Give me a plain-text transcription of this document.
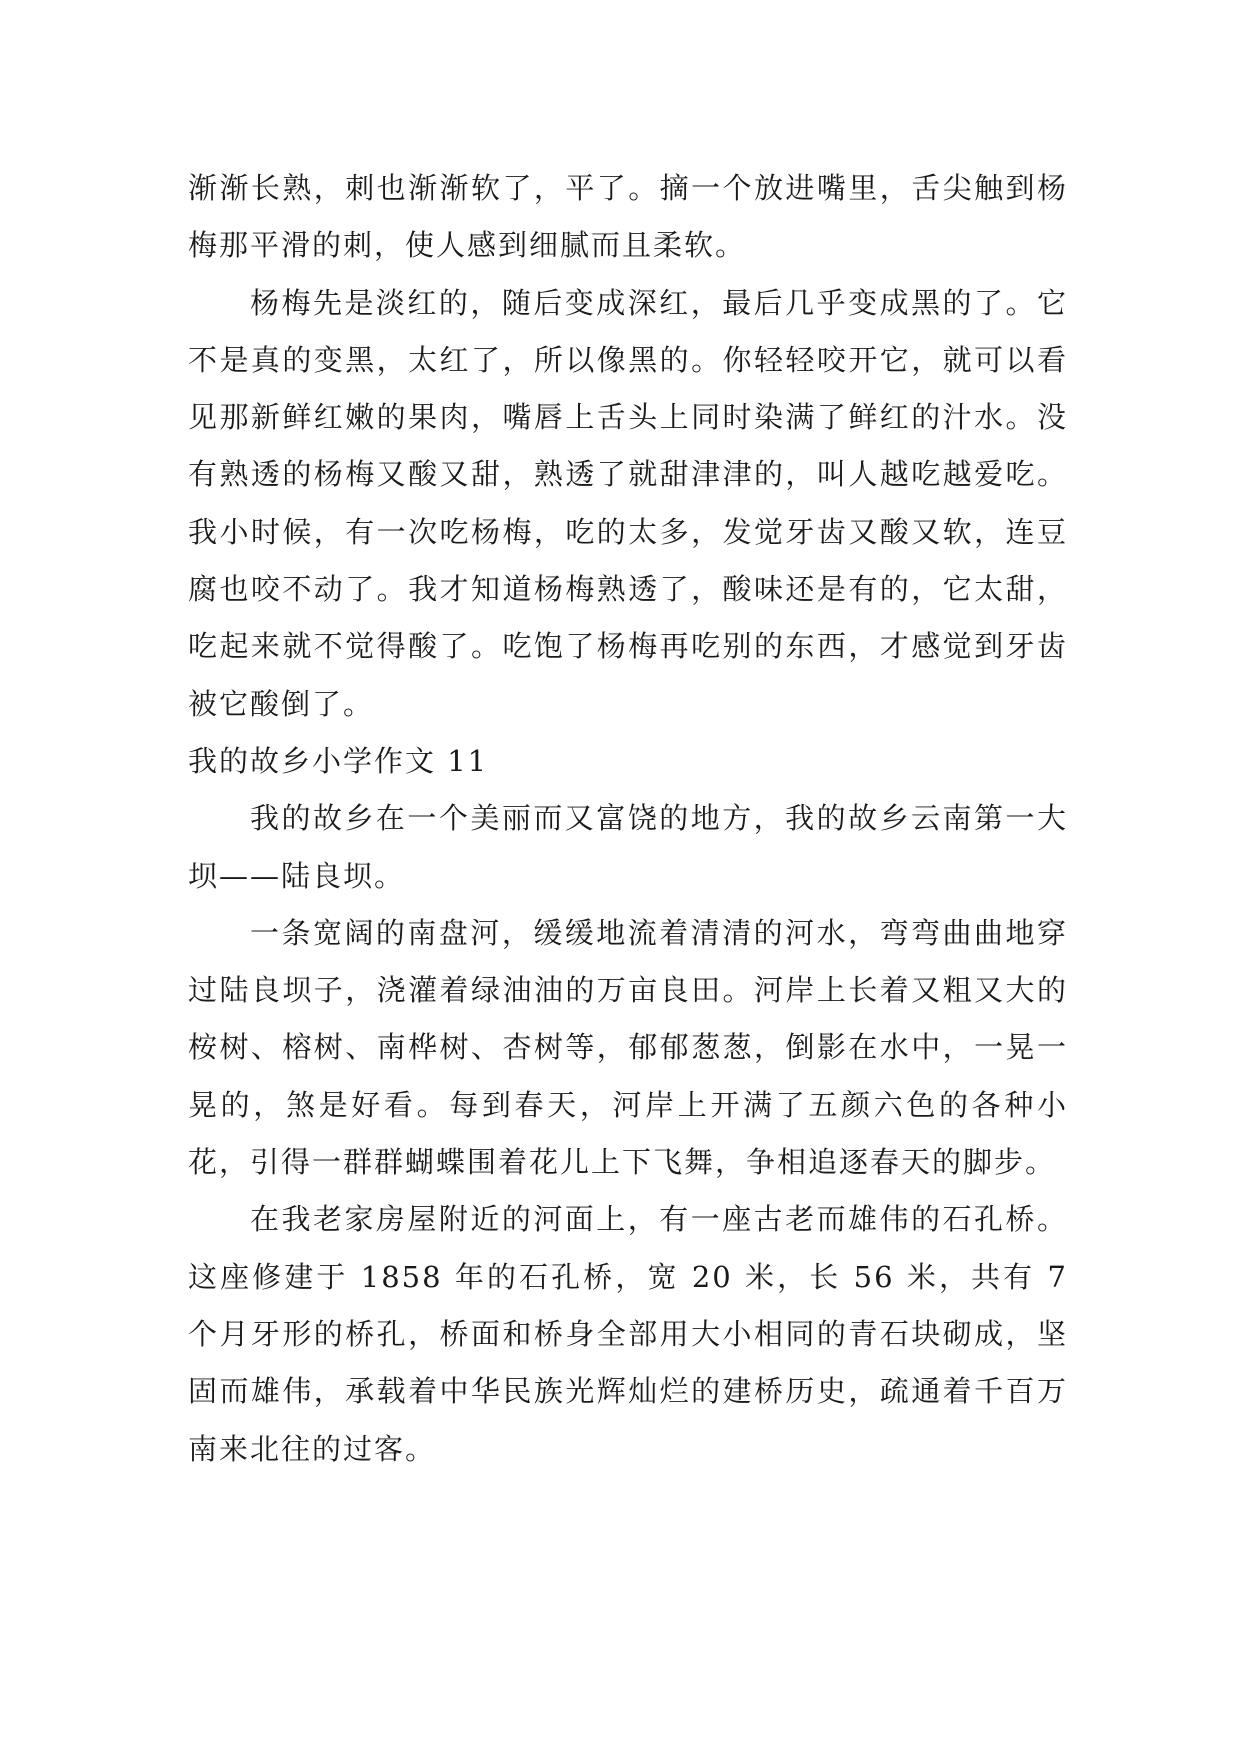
渐渐长熟，刺也渐渐软了，平了。摘一个放进嘴里，舌尖触到杨梅那平滑的刺，使人感到细腻而且柔软。

杨梅先是淡红的，随后变成深红，最后几乎变成黑的了。它不是真的变黑，太红了，所以像黑的。你轻轻咬开它，就可以看见那新鲜红嫩的果肉，嘴唇上舌头上同时染满了鲜红的汁水。没有熟透的杨梅又酸又甜，熟透了就甜津津的，叫人越吃越爱吃。我小时候，有一次吃杨梅，吃的太多，发觉牙齿又酸又软，连豆腐也咬不动了。我才知道杨梅熟透了，酸味还是有的，它太甜，吃起来就不觉得酸了。吃饱了杨梅再吃别的东西，才感觉到牙齿被它酸倒了。

我的故乡小学作文 11

我的故乡在一个美丽而又富饶的地方，我的故乡云南第一大坝——陆良坝。

一条宽阔的南盘河，缓缓地流着清清的河水，弯弯曲曲地穿过陆良坝子，浇灌着绿油油的万亩良田。河岸上长着又粗又大的桉树、榕树、南桦树、杏树等，郁郁葱葱，倒影在水中，一晃一晃的，煞是好看。每到春天，河岸上开满了五颜六色的各种小花，引得一群群蝴蝶围着花儿上下飞舞，争相追逐春天的脚步。

在我老家房屋附近的河面上，有一座古老而雄伟的石孔桥。这座修建于 1858 年的石孔桥，宽 20 米，长 56 米，共有 7 个月牙形的桥孔，桥面和桥身全部用大小相同的青石块砌成，坚固而雄伟，承载着中华民族光辉灿烂的建桥历史，疏通着千百万南来北往的过客。
